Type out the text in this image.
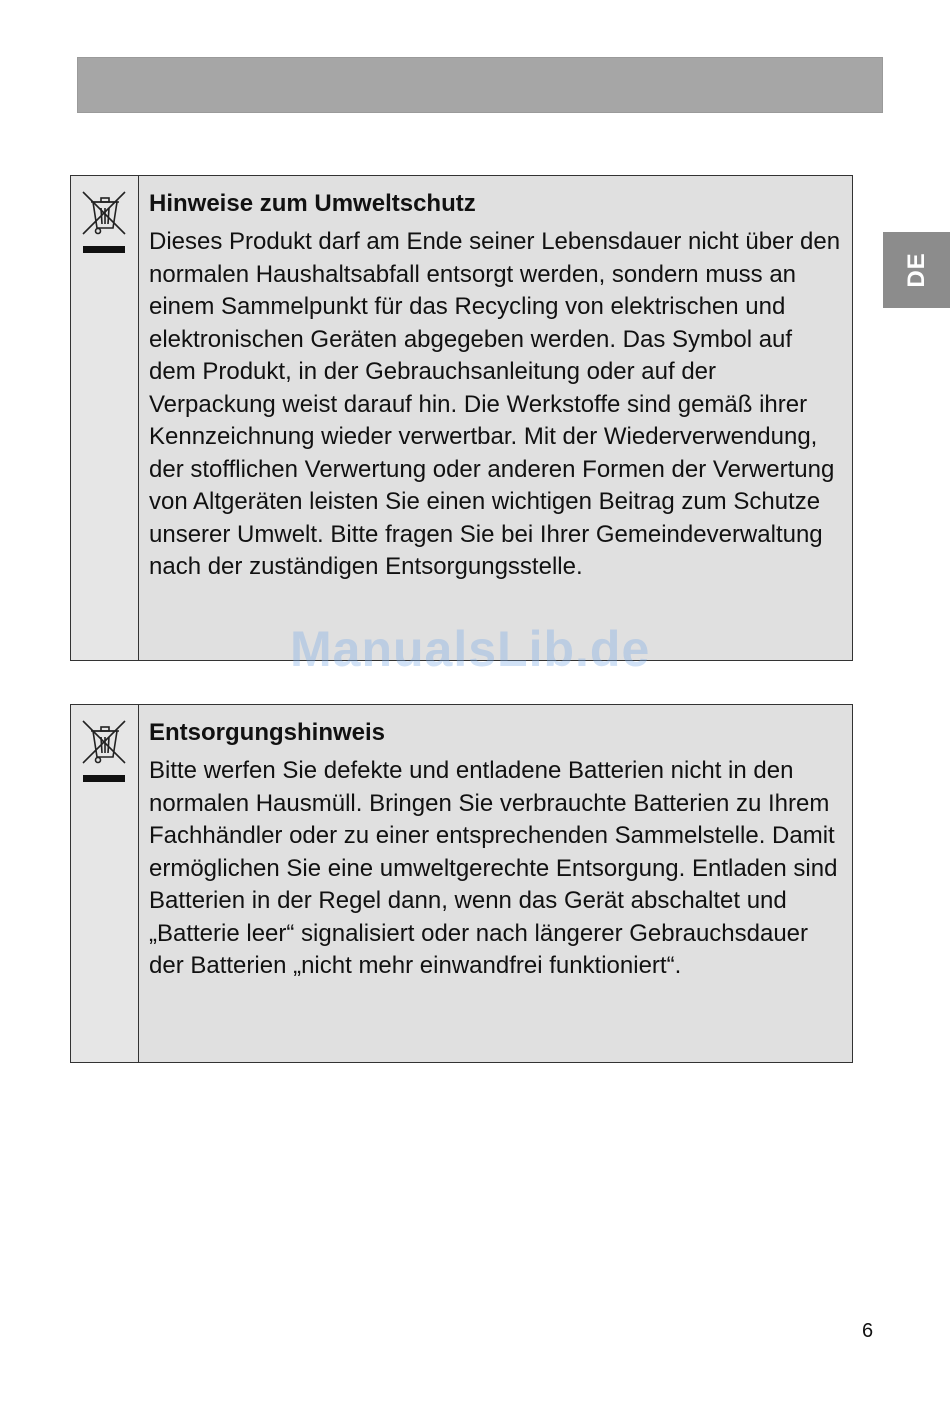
DE
Hinweise zum Umweltschutz

Dieses Produkt darf am Ende seiner Lebensdauer nicht über den normalen Haushaltsabfall entsorgt werden, sondern muss an einem Sammelpunkt für das Recycling von elektrischen und elektronischen Geräten abgegeben werden. Das Symbol auf dem Produkt, in der Gebrauchsanleitung oder auf der Verpackung weist darauf hin. Die Werkstoffe sind gemäß ihrer Kennzeichnung wieder verwertbar. Mit der Wiederverwendung, der stofflichen Verwertung oder anderen Formen der Verwertung von Altgeräten leisten Sie einen wichtigen Beitrag zum Schutze unserer Umwelt. Bitte fragen Sie bei Ihrer Gemeindeverwaltung nach der zuständigen Entsorgungsstelle.

Entsorgungshinweis

Bitte werfen Sie defekte und entladene Batterien nicht in den normalen Hausmüll. Bringen Sie verbrauchte Batterien zu Ihrem Fachhändler oder zu einer entsprechenden Sammelstelle. Damit ermöglichen Sie eine umweltgerechte Entsorgung. Entladen sind Batterien in der Regel dann, wenn das Gerät abschaltet und „Batterie leer“ signalisiert oder nach längerer Gebrauchsdauer der Batterien „nicht mehr einwandfrei funktioniert“.

ManualsLib.de
6
